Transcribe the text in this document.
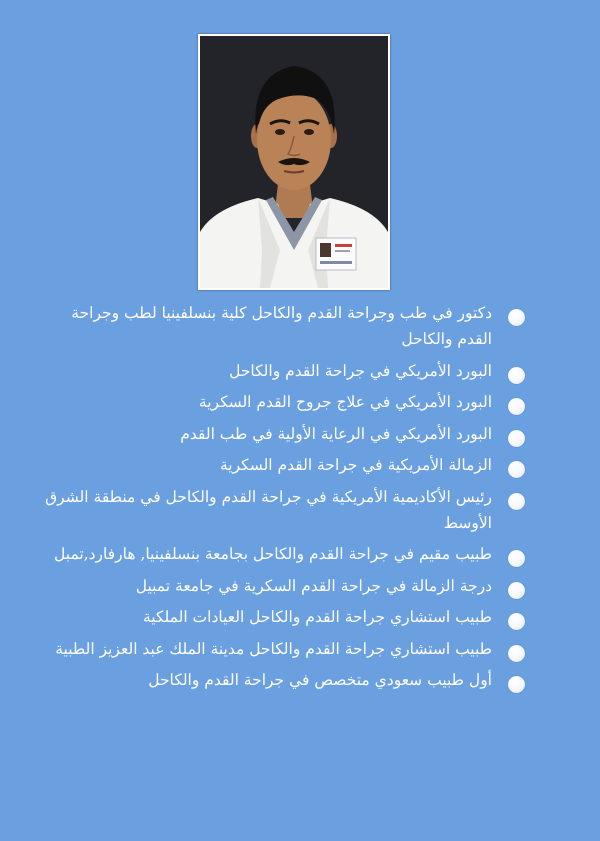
دكتور في طب وجراحة القدم والكاحل كلية بنسلفينيا لطب وجراحة القدم والكاحل
البورد الأمريكي في جراحة القدم والكاحل
البورد الأمريكي في علاج جروح القدم السكرية
البورد الأمريكي في الرعاية الأولية في طب القدم
الزمالة الأمريكية في جراحة القدم السكرية
رئيس الأكاديمية الأمريكية في جراحة القدم والكاحل في منطقة الشرق الأوسط
طبيب مقيم في جراحة القدم والكاحل بجامعة بنسلفينيا, هارفارد,تمبل
درجة الزمالة في جراحة القدم السكرية في جامعة تمبيل
طبيب استشاري جراحة القدم والكاحل العيادات الملكية
طبيب استشاري جراحة القدم والكاحل مدينة الملك عبد العزيز الطبية
أول طبيب سعودي متخصص في جراحة القدم والكاحل
